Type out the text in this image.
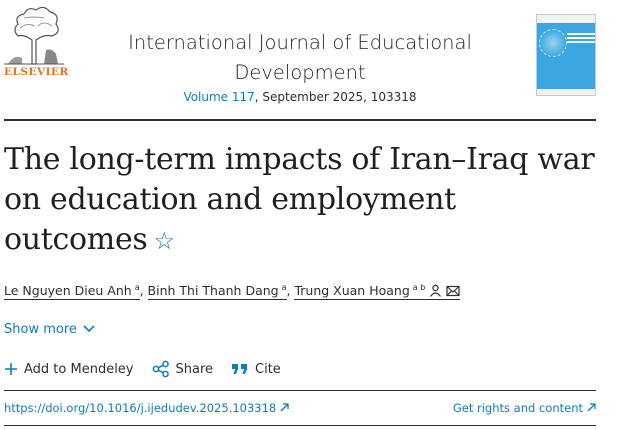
ELSEVIER
International Journal of Educational Development
Volume 117, September 2025, 103318
The long-term impacts of Iran–Iraq war on education and employment outcomes ☆
Le Nguyen Dieu Anh $^a$, Binh Thi Thanh Dang $^a$, Trung Xuan Hoang $^{a b}$
Show more
Add to Mendeley	Share	Cite
https://doi.org/10.1016/j.ijedudev.2025.103318	Get rights and content
